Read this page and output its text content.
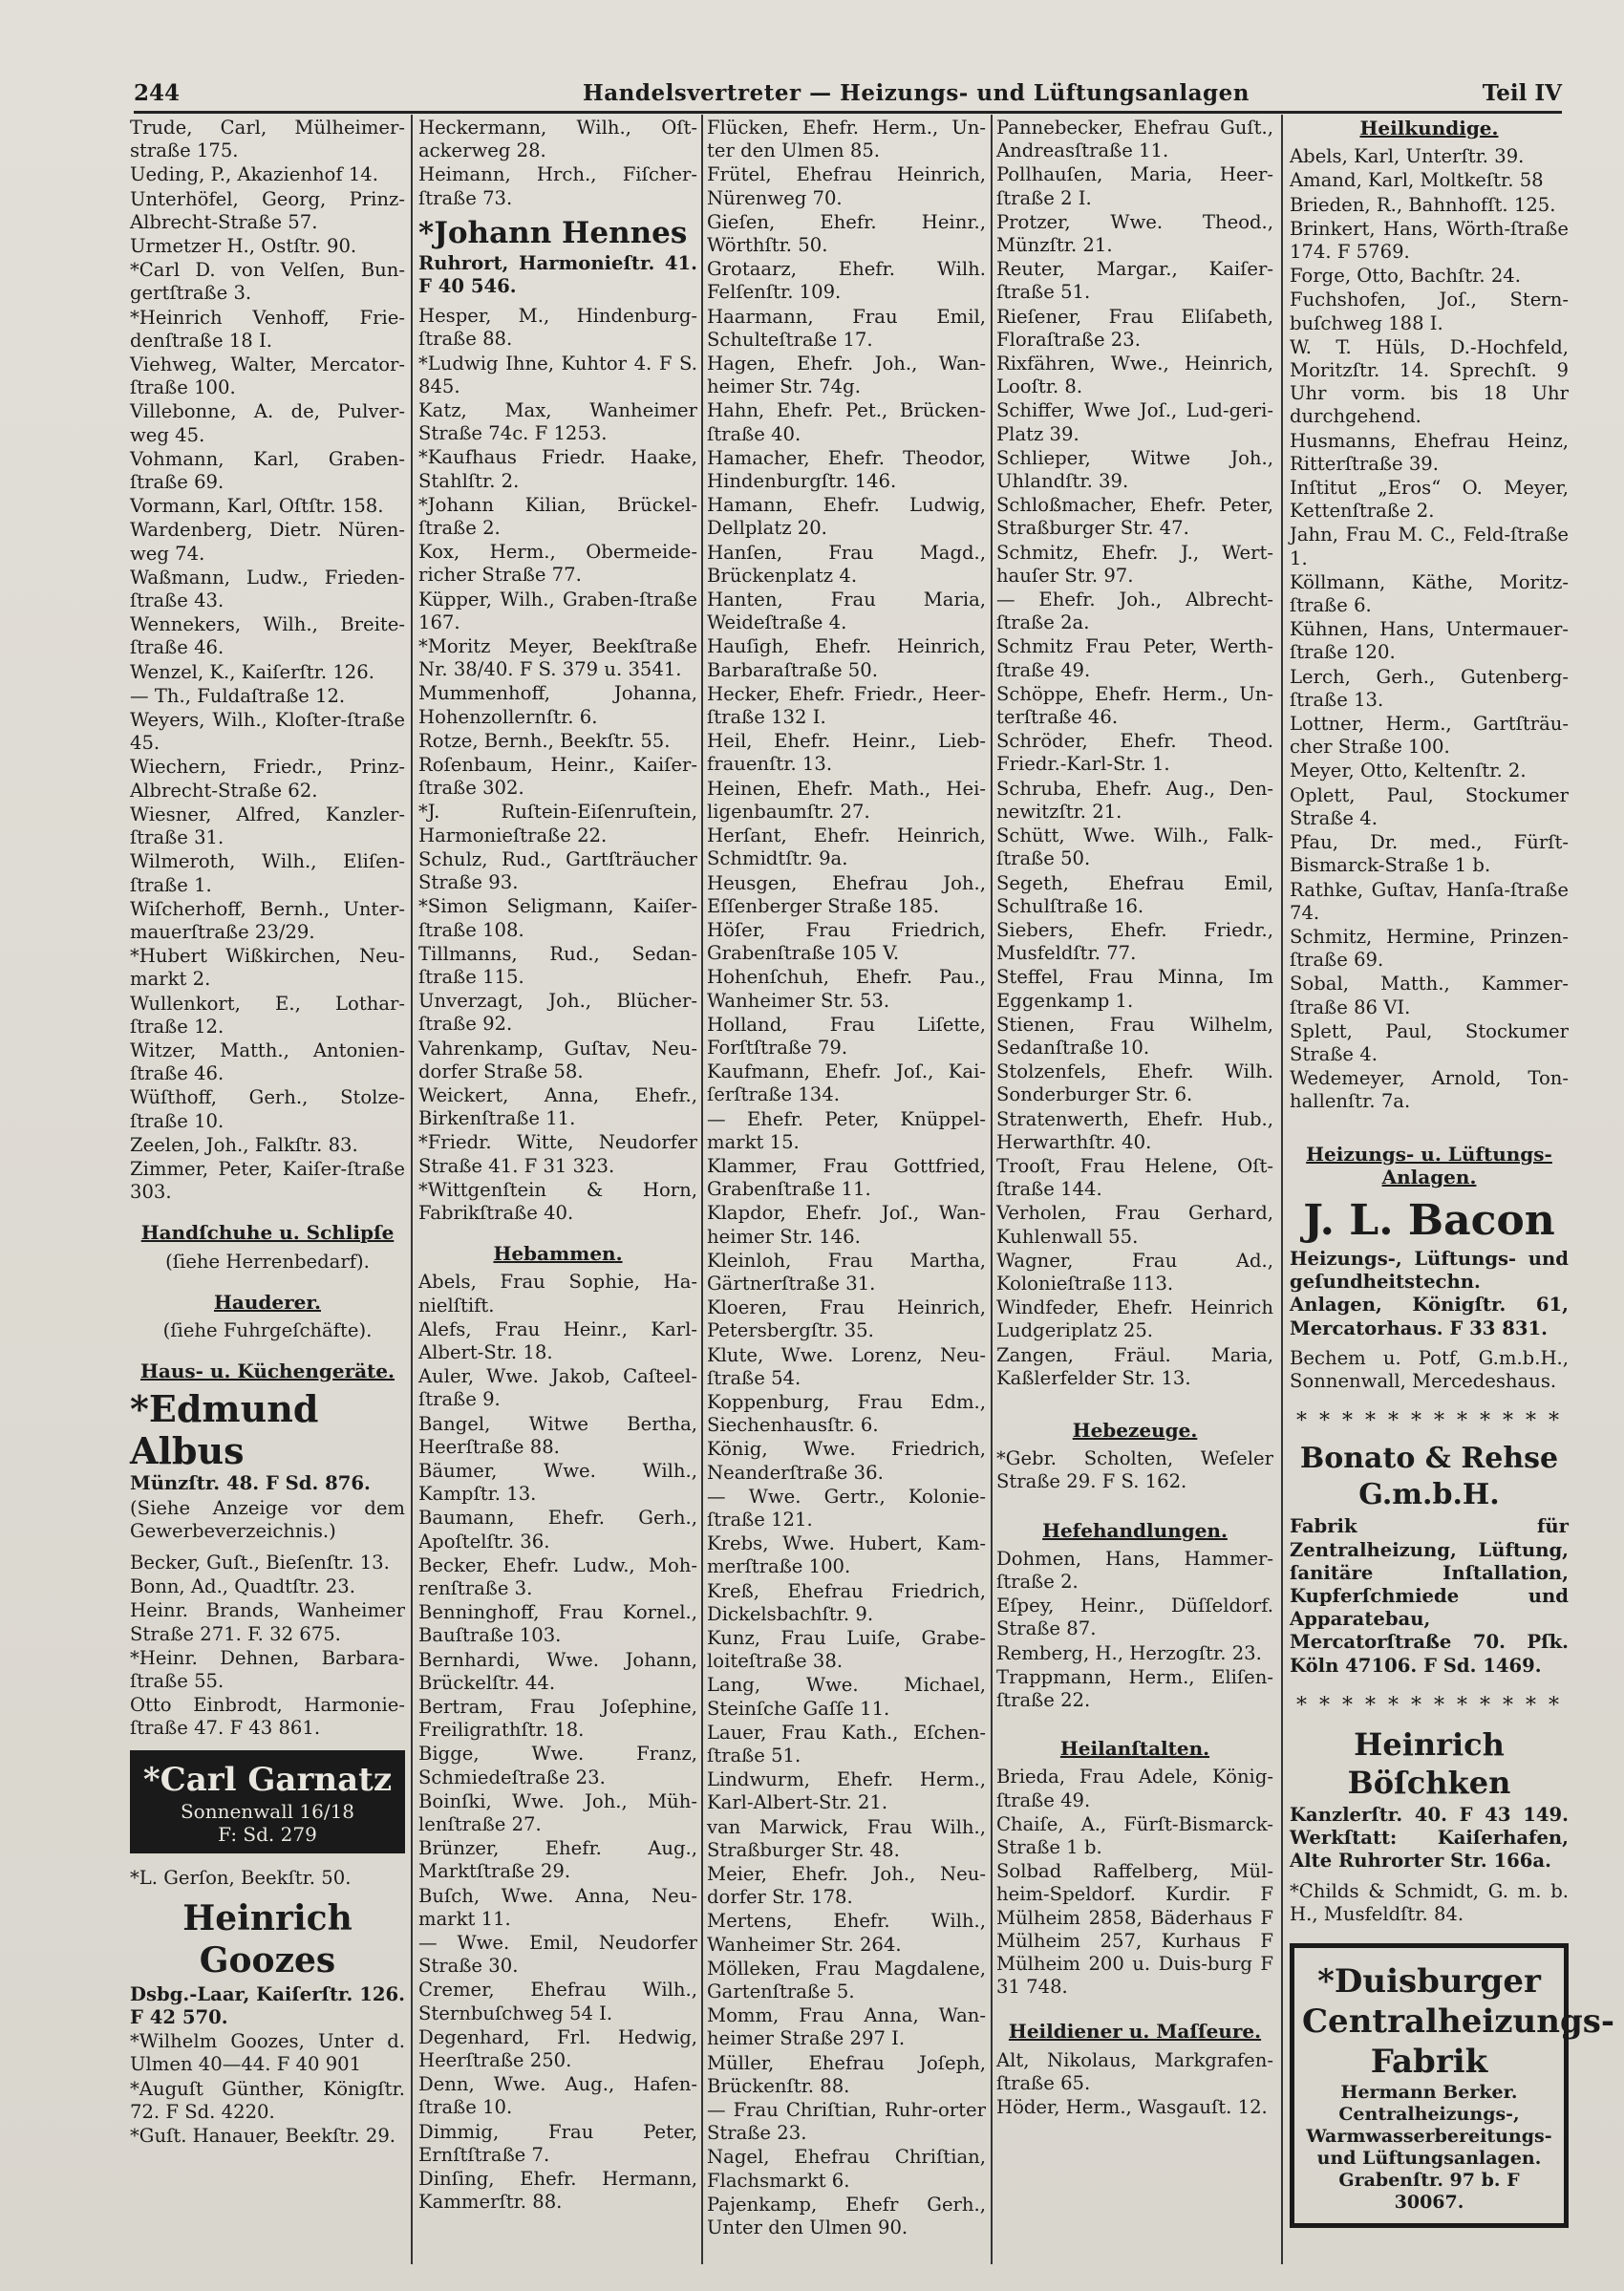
244	Handelsvertreter — Heizungs- und Lüftungsanlagen	Teil IV
Trude, Carl, Mülheimer-straße 175.
Ueding, P., Akazienhof 14.
Unterhöfel, Georg, Prinz-Albrecht-Straße 57.
Urmetzer H., Ostſtr. 90.
*Carl D. von Velſen, Bun-gertſtraße 3.
*Heinrich Venhoff, Frie-denſtraße 18 I.
Viehweg, Walter, Mercator-ſtraße 100.
Villebonne, A. de, Pulver-weg 45.
Vohmann, Karl, Graben-ſtraße 69.
Vormann, Karl, Oſtſtr. 158.
Wardenberg, Dietr. Nüren-weg 74.
Waßmann, Ludw., Frieden-ſtraße 43.
Wennekers, Wilh., Breite-ſtraße 46.
Wenzel, K., Kaiſerſtr. 126.
— Th., Fuldaſtraße 12.
Weyers, Wilh., Kloſter-ſtraße 45.
Wiechern, Friedr., Prinz-Albrecht-Straße 62.
Wiesner, Alfred, Kanzler-ſtraße 31.
Wilmeroth, Wilh., Eliſen-ſtraße 1.
Wiſcherhoff, Bernh., Unter-mauerſtraße 23/29.
*Hubert Wißkirchen, Neu-markt 2.
Wullenkort, E., Lothar-ſtraße 12.
Witzer, Matth., Antonien-ſtraße 46.
Wüſthoff, Gerh., Stolze-ſtraße 10.
Zeelen, Joh., Falkſtr. 83.
Zimmer, Peter, Kaiſer-ſtraße 303.
Handſchuhe u. Schlipſe
(ſiehe Herrenbedarf).
Hauderer.
(ſiehe Fuhrgeſchäfte).
Haus- u. Küchengeräte.
*Edmund Albus
Münzſtr. 48. F Sd. 876.
(Siehe Anzeige vor dem Gewerbeverzeichnis.)
Becker, Guſt., Bieſenſtr. 13.
Bonn, Ad., Quadtſtr. 23.
Heinr. Brands, Wanheimer Straße 271. F. 32 675.
*Heinr. Dehnen, Barbara-ſtraße 55.
Otto Einbrodt, Harmonie-ſtraße 47. F 43 861.
*Carl Garnatz
Sonnenwall 16/18
F: Sd. 279
*L. Gerſon, Beekſtr. 50.
Heinrich Goozes
Dsbg.-Laar, Kaiſerſtr. 126. F 42 570.
*Wilhelm Goozes, Unter d. Ulmen 40—44. F 40 901
*Auguſt Günther, Königſtr. 72. F Sd. 4220.
*Guſt. Hanauer, Beekſtr. 29.
Heckermann, Wilh., Oſt-ackerweg 28.
Heimann, Hrch., Fiſcher-ſtraße 73.
*Johann Hennes
Ruhrort, Harmonieſtr. 41. F 40 546.
Hesper, M., Hindenburg-ſtraße 88.
*Ludwig Ihne, Kuhtor 4. F S. 845.
Katz, Max, Wanheimer Straße 74c. F 1253.
*Kaufhaus Friedr. Haake, Stahlſtr. 2.
*Johann Kilian, Brückel-ſtraße 2.
Kox, Herm., Obermeide-richer Straße 77.
Küpper, Wilh., Graben-ſtraße 167.
*Moritz Meyer, Beekſtraße Nr. 38/40. F S. 379 u. 3541.
Mummenhoff, Johanna, Hohenzollernſtr. 6.
Rotze, Bernh., Beekſtr. 55.
Roſenbaum, Heinr., Kaiſer-ſtraße 302.
*J. Ruſtein-Eiſenruſtein, Harmonieſtraße 22.
Schulz, Rud., Gartſträucher Straße 93.
*Simon Seligmann, Kaiſer-ſtraße 108.
Tillmanns, Rud., Sedan-ſtraße 115.
Unverzagt, Joh., Blücher-ſtraße 92.
Vahrenkamp, Guſtav, Neu-dorfer Straße 58.
Weickert, Anna, Ehefr., Birkenſtraße 11.
*Friedr. Witte, Neudorfer Straße 41. F 31 323.
*Wittgenſtein & Horn, Fabrikſtraße 40.
Hebammen.
Abels, Frau Sophie, Ha-nielſtift.
Alefs, Frau Heinr., Karl-Albert-Str. 18.
Auler, Wwe. Jakob, Caſteel-ſtraße 9.
Bangel, Witwe Bertha, Heerſtraße 88.
Bäumer, Wwe. Wilh., Kampſtr. 13.
Baumann, Ehefr. Gerh., Apoſtelſtr. 36.
Becker, Ehefr. Ludw., Moh-renſtraße 3.
Benninghoff, Frau Kornel., Bauſtraße 103.
Bernhardi, Wwe. Johann, Brückelſtr. 44.
Bertram, Frau Joſephine, Freiligrathſtr. 18.
Bigge, Wwe. Franz, Schmiedeſtraße 23.
Boinſki, Wwe. Joh., Müh-lenſtraße 27.
Brünzer, Ehefr. Aug., Marktſtraße 29.
Buſch, Wwe. Anna, Neu-markt 11.
— Wwe. Emil, Neudorfer Straße 30.
Cremer, Ehefrau Wilh., Sternbuſchweg 54 I.
Degenhard, Frl. Hedwig, Heerſtraße 250.
Denn, Wwe. Aug., Hafen-ſtraße 10.
Dimmig, Frau Peter, Ernſtſtraße 7.
Dinſing, Ehefr. Hermann, Kammerſtr. 88.
Flücken, Ehefr. Herm., Un-ter den Ulmen 85.
Frütel, Ehefrau Heinrich, Nürenweg 70.
Gieſen, Ehefr. Heinr., Wörthſtr. 50.
Grotaarz, Ehefr. Wilh. Felſenſtr. 109.
Haarmann, Frau Emil, Schulteſtraße 17.
Hagen, Ehefr. Joh., Wan-heimer Str. 74g.
Hahn, Ehefr. Pet., Brücken-ſtraße 40.
Hamacher, Ehefr. Theodor, Hindenburgſtr. 146.
Hamann, Ehefr. Ludwig, Dellplatz 20.
Hanſen, Frau Magd., Brückenplatz 4.
Hanten, Frau Maria, Weideſtraße 4.
Hauſigh, Ehefr. Heinrich, Barbaraſtraße 50.
Hecker, Ehefr. Friedr., Heer-ſtraße 132 I.
Heil, Ehefr. Heinr., Lieb-frauenſtr. 13.
Heinen, Ehefr. Math., Hei-ligenbaumſtr. 27.
Herſant, Ehefr. Heinrich, Schmidtſtr. 9a.
Heusgen, Ehefrau Joh., Eſſenberger Straße 185.
Höſer, Frau Friedrich, Grabenſtraße 105 V.
Hohenſchuh, Ehefr. Pau., Wanheimer Str. 53.
Holland, Frau Liſette, Forſtſtraße 79.
Kaufmann, Ehefr. Joſ., Kai-ſerſtraße 134.
— Ehefr. Peter, Knüppel-markt 15.
Klammer, Frau Gottfried, Grabenſtraße 11.
Klapdor, Ehefr. Joſ., Wan-heimer Str. 146.
Kleinloh, Frau Martha, Gärtnerſtraße 31.
Kloeren, Frau Heinrich, Petersbergſtr. 35.
Klute, Wwe. Lorenz, Neu-ſtraße 54.
Koppenburg, Frau Edm., Siechenhausſtr. 6.
König, Wwe. Friedrich, Neanderſtraße 36.
— Wwe. Gertr., Kolonie-ſtraße 121.
Krebs, Wwe. Hubert, Kam-merſtraße 100.
Kreß, Ehefrau Friedrich, Dickelsbachſtr. 9.
Kunz, Frau Luiſe, Grabe-loiteſtraße 38.
Lang, Wwe. Michael, Steinſche Gaſſe 11.
Lauer, Frau Kath., Eſchen-ſtraße 51.
Lindwurm, Ehefr. Herm., Karl-Albert-Str. 21.
van Marwick, Frau Wilh., Straßburger Str. 48.
Meier, Ehefr. Joh., Neu-dorfer Str. 178.
Mertens, Ehefr. Wilh., Wanheimer Str. 264.
Mölleken, Frau Magdalene, Gartenſtraße 5.
Momm, Frau Anna, Wan-heimer Straße 297 I.
Müller, Ehefrau Joſeph, Brückenſtr. 88.
— Frau Chriſtian, Ruhr-orter Straße 23.
Nagel, Ehefrau Chriſtian, Flachsmarkt 6.
Pajenkamp, Ehefr Gerh., Unter den Ulmen 90.
Pannebecker, Ehefrau Guſt., Andreasſtraße 11.
Pollhauſen, Maria, Heer-ſtraße 2 I.
Protzer, Wwe. Theod., Münzſtr. 21.
Reuter, Margar., Kaiſer-ſtraße 51.
Rieſener, Frau Eliſabeth, Floraſtraße 23.
Rixfähren, Wwe., Heinrich, Looſtr. 8.
Schiffer, Wwe Joſ., Lud-geri-Platz 39.
Schlieper, Witwe Joh., Uhlandſtr. 39.
Schloßmacher, Ehefr. Peter, Straßburger Str. 47.
Schmitz, Ehefr. J., Wert-hauſer Str. 97.
— Ehefr. Joh., Albrecht-ſtraße 2a.
Schmitz Frau Peter, Werth-ſtraße 49.
Schöppe, Ehefr. Herm., Un-terſtraße 46.
Schröder, Ehefr. Theod. Friedr.-Karl-Str. 1.
Schruba, Ehefr. Aug., Den-newitzſtr. 21.
Schütt, Wwe. Wilh., Falk-ſtraße 50.
Segeth, Ehefrau Emil, Schulſtraße 16.
Siebers, Ehefr. Friedr., Musfeldſtr. 77.
Steffel, Frau Minna, Im Eggenkamp 1.
Stienen, Frau Wilhelm, Sedanſtraße 10.
Stolzenfels, Ehefr. Wilh. Sonderburger Str. 6.
Stratenwerth, Ehefr. Hub., Herwarthſtr. 40.
Trooſt, Frau Helene, Oſt-ſtraße 144.
Verholen, Frau Gerhard, Kuhlenwall 55.
Wagner, Frau Ad., Kolonieſtraße 113.
Windfeder, Ehefr. Heinrich Ludgeriplatz 25.
Zangen, Fräul. Maria, Kaßlerfelder Str. 13.
Hebezeuge.
*Gebr. Scholten, Weſeler Straße 29. F S. 162.
Hefehandlungen.
Dohmen, Hans, Hammer-ſtraße 2.
Eſpey, Heinr., Düſſeldorf. Straße 87.
Remberg, H., Herzogſtr. 23.
Trappmann, Herm., Eliſen-ſtraße 22.
Heilanſtalten.
Brieda, Frau Adele, König-ſtraße 49.
Chaiſe, A., Fürſt-Bismarck-Straße 1 b.
Solbad Raffelberg, Mül-heim-Speldorf. Kurdir. F Mülheim 2858, Bäderhaus F Mülheim 257, Kurhaus F Mülheim 200 u. Duis-burg F 31 748.
Heildiener u. Maſſeure.
Alt, Nikolaus, Markgrafen-ſtraße 65.
Höder, Herm., Wasgauſt. 12.
Heilkundige.
Abels, Karl, Unterſtr. 39.
Amand, Karl, Moltkeſtr. 58
Brieden, R., Bahnhofſt. 125.
Brinkert, Hans, Wörth-ſtraße 174. F 5769.
Forge, Otto, Bachſtr. 24.
Fuchshofen, Joſ., Stern-buſchweg 188 I.
W. T. Hüls, D.-Hochfeld, Moritzſtr. 14. Sprechſt. 9 Uhr vorm. bis 18 Uhr durchgehend.
Husmanns, Ehefrau Heinz, Ritterſtraße 39.
Inſtitut „Eros“ O. Meyer, Kettenſtraße 2.
Jahn, Frau M. C., Feld-ſtraße 1.
Köllmann, Käthe, Moritz-ſtraße 6.
Kühnen, Hans, Untermauer-ſtraße 120.
Lerch, Gerh., Gutenberg-ſtraße 13.
Lottner, Herm., Gartſträu-cher Straße 100.
Meyer, Otto, Keltenſtr. 2.
Oplett, Paul, Stockumer Straße 4.
Pfau, Dr. med., Fürſt-Bismarck-Straße 1 b.
Rathke, Guſtav, Hanſa-ſtraße 74.
Schmitz, Hermine, Prinzen-ſtraße 69.
Sobal, Matth., Kammer-ſtraße 86 VI.
Splett, Paul, Stockumer Straße 4.
Wedemeyer, Arnold, Ton-hallenſtr. 7a.
Heizungs- u. Lüftungs-Anlagen.
J. L. Bacon
Heizungs-, Lüftungs- und geſundheitstechn. Anlagen, Königſtr. 61, Mercatorhaus. F 33 831.
Bechem u. Potf, G.m.b.H., Sonnenwall, Mercedeshaus.
* * * * * * * * * * * *
Bonato & Rehse G.m.b.H.
Fabrik für Zentralheizung, Lüftung, ſanitäre Inſtallation, Kupferſchmiede und Apparatebau, Mercatorſtraße 70. Pſk. Köln 47106. F Sd. 1469.
* * * * * * * * * * * *
Heinrich Böſchken
Kanzlerſtr. 40. F 43 149. Werkſtatt: Kaiſerhafen, Alte Ruhrorter Str. 166a.
*Childs & Schmidt, G. m. b. H., Musfeldſtr. 84.
*Duisburger Centralheizungs-Fabrik
Hermann Berker. Centralheizungs-, Warmwasserbereitungs- und Lüftungsanlagen. Grabenſtr. 97 b. F 30067.
